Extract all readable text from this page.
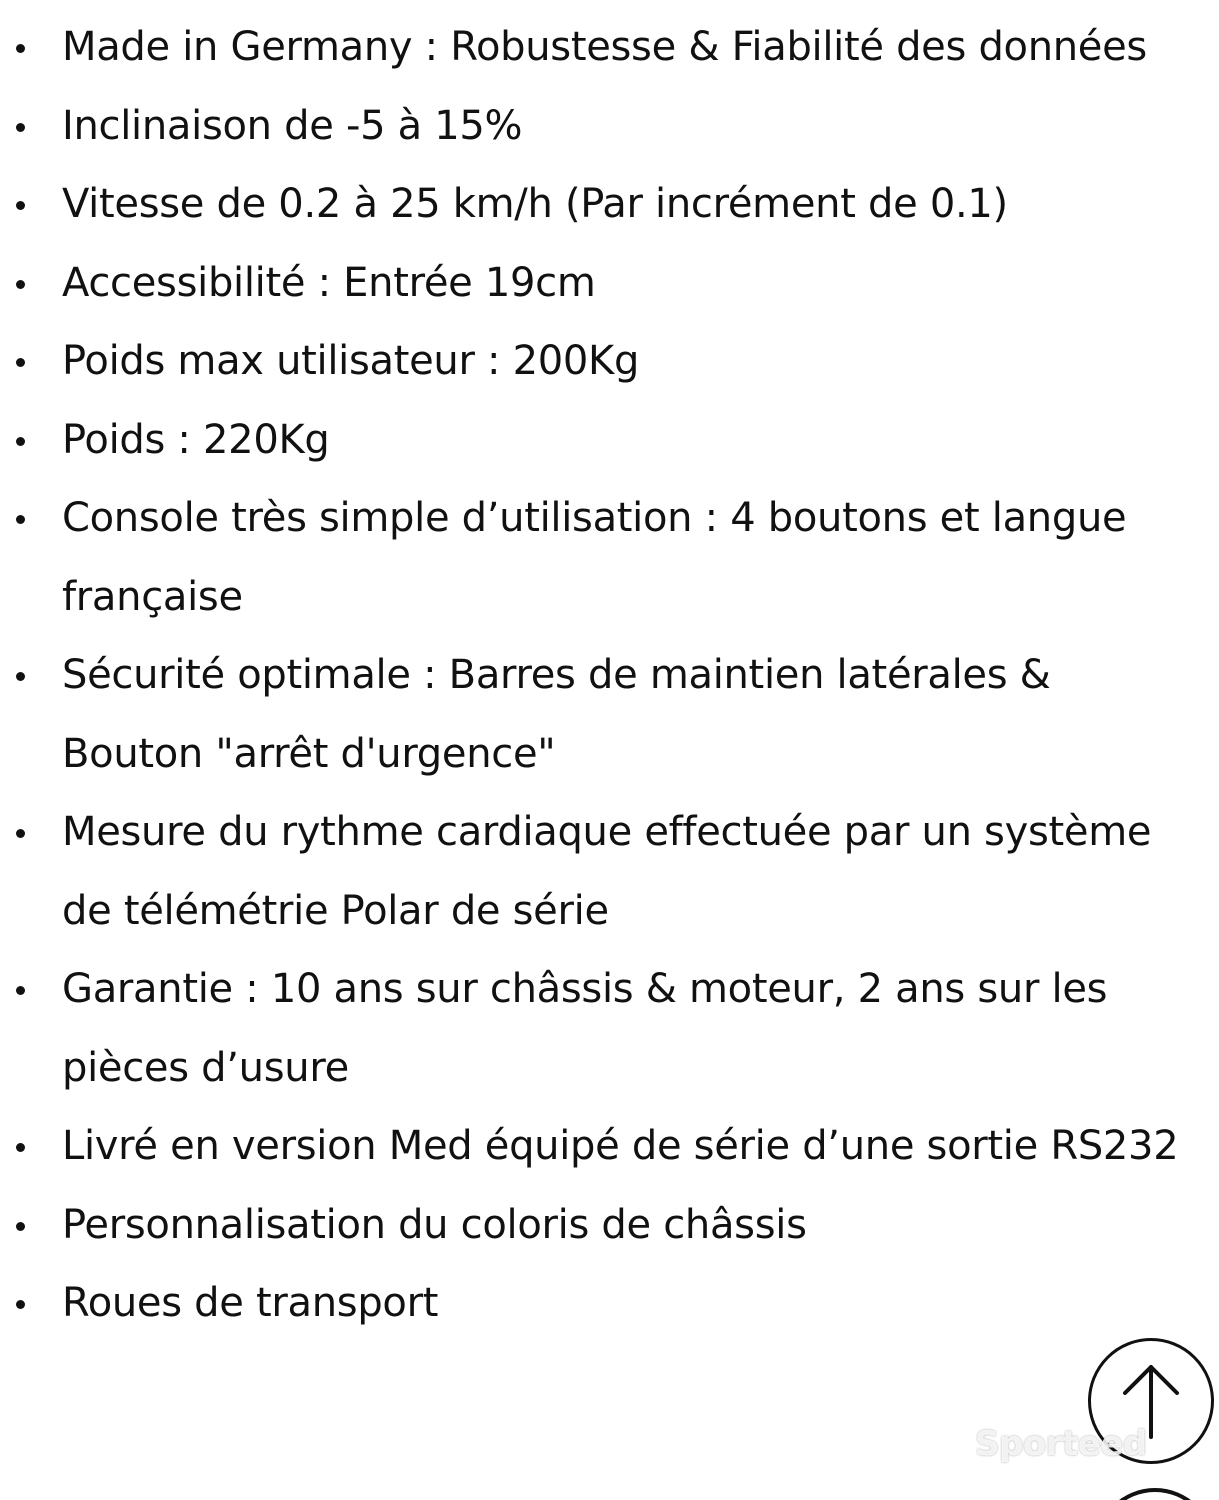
Made in Germany : Robustesse & Fiabilité des données
Inclinaison de -5 à 15%
Vitesse de 0.2 à 25 km/h (Par incrément de 0.1)
Accessibilité : Entrée 19cm
Poids max utilisateur : 200Kg
Poids : 220Kg
Console très simple d’utilisation : 4 boutons et langue française
Sécurité optimale : Barres de maintien latérales & Bouton "arrêt d'urgence"
Mesure du rythme cardiaque effectuée par un système de télémétrie Polar de série
Garantie : 10 ans sur châssis & moteur, 2 ans sur les pièces d’usure
Livré en version Med équipé de série d’une sortie RS232
Personnalisation du coloris de châssis
Roues de transport
Sporteed
